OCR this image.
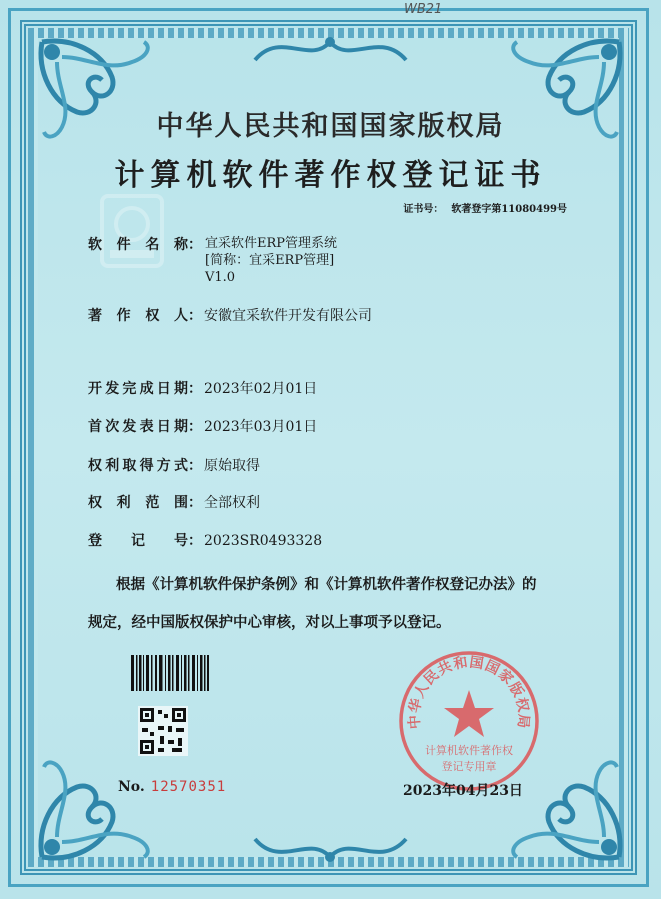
WB21
中华人民共和国国家版权局
计算机软件著作权登记证书
证书号： 软著登字第11080499号
软件名称： 宜采软件ERP管理系统
[简称：宜采ERP管理]
V1.0
著作权人： 安徽宜采软件开发有限公司
开发完成日期： 2023年02月01日
首次发表日期： 2023年03月01日
权利取得方式： 原始取得
权利范围： 全部权利
登记号： 2023SR0493328
根据《计算机软件保护条例》和《计算机软件著作权登记办法》的
规定，经中国版权保护中心审核，对以上事项予以登记。
No. 12570351
中华人民共和国国家版权局
计算机软件著作权
登记专用章
2023年04月23日
